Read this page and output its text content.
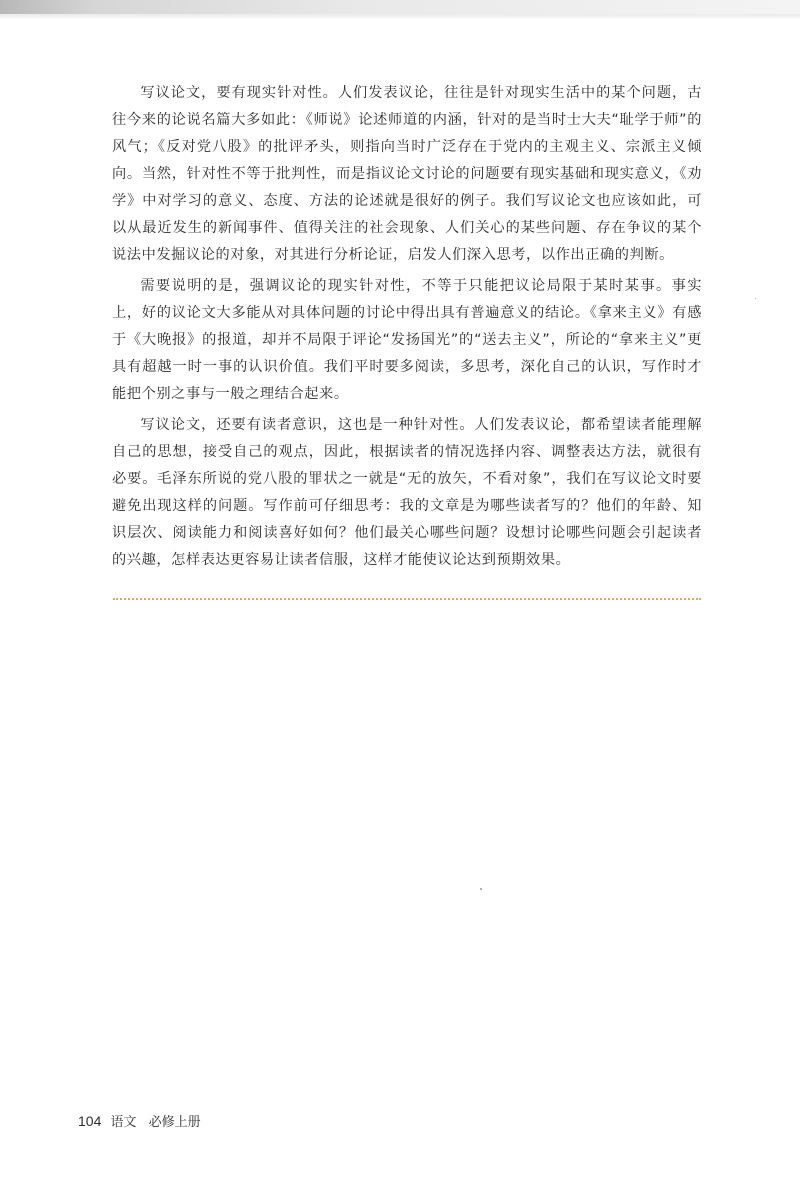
写议论文，要有现实针对性。人们发表议论，往往是针对现实生活中的某个问题，古往今来的论说名篇大多如此：《师说》论述师道的内涵，针对的是当时士大夫“耻学于师”的风气；《反对党八股》的批评矛头，则指向当时广泛存在于党内的主观主义、宗派主义倾向。当然，针对性不等于批判性，而是指议论文讨论的问题要有现实基础和现实意义，《劝学》中对学习的意义、态度、方法的论述就是很好的例子。我们写议论文也应该如此，可以从最近发生的新闻事件、值得关注的社会现象、人们关心的某些问题、存在争议的某个说法中发掘议论的对象，对其进行分析论证，启发人们深入思考，以作出正确的判断。

需要说明的是，强调议论的现实针对性，不等于只能把议论局限于某时某事。事实上，好的议论文大多能从对具体问题的讨论中得出具有普遍意义的结论。《拿来主义》有感于《大晚报》的报道，却并不局限于评论“发扬国光”的“送去主义”，所论的“拿来主义”更具有超越一时一事的认识价值。我们平时要多阅读，多思考，深化自己的认识，写作时才能把个别之事与一般之理结合起来。

写议论文，还要有读者意识，这也是一种针对性。人们发表议论，都希望读者能理解自己的思想，接受自己的观点，因此，根据读者的情况选择内容、调整表达方法，就很有必要。毛泽东所说的党八股的罪状之一就是“无的放矢，不看对象”，我们在写议论文时要避免出现这样的问题。写作前可仔细思考：我的文章是为哪些读者写的？他们的年龄、知识层次、阅读能力和阅读喜好如何？他们最关心哪些问题？设想讨论哪些问题会引起读者的兴趣，怎样表达更容易让读者信服，这样才能使议论达到预期效果。

104 语文 必修上册
